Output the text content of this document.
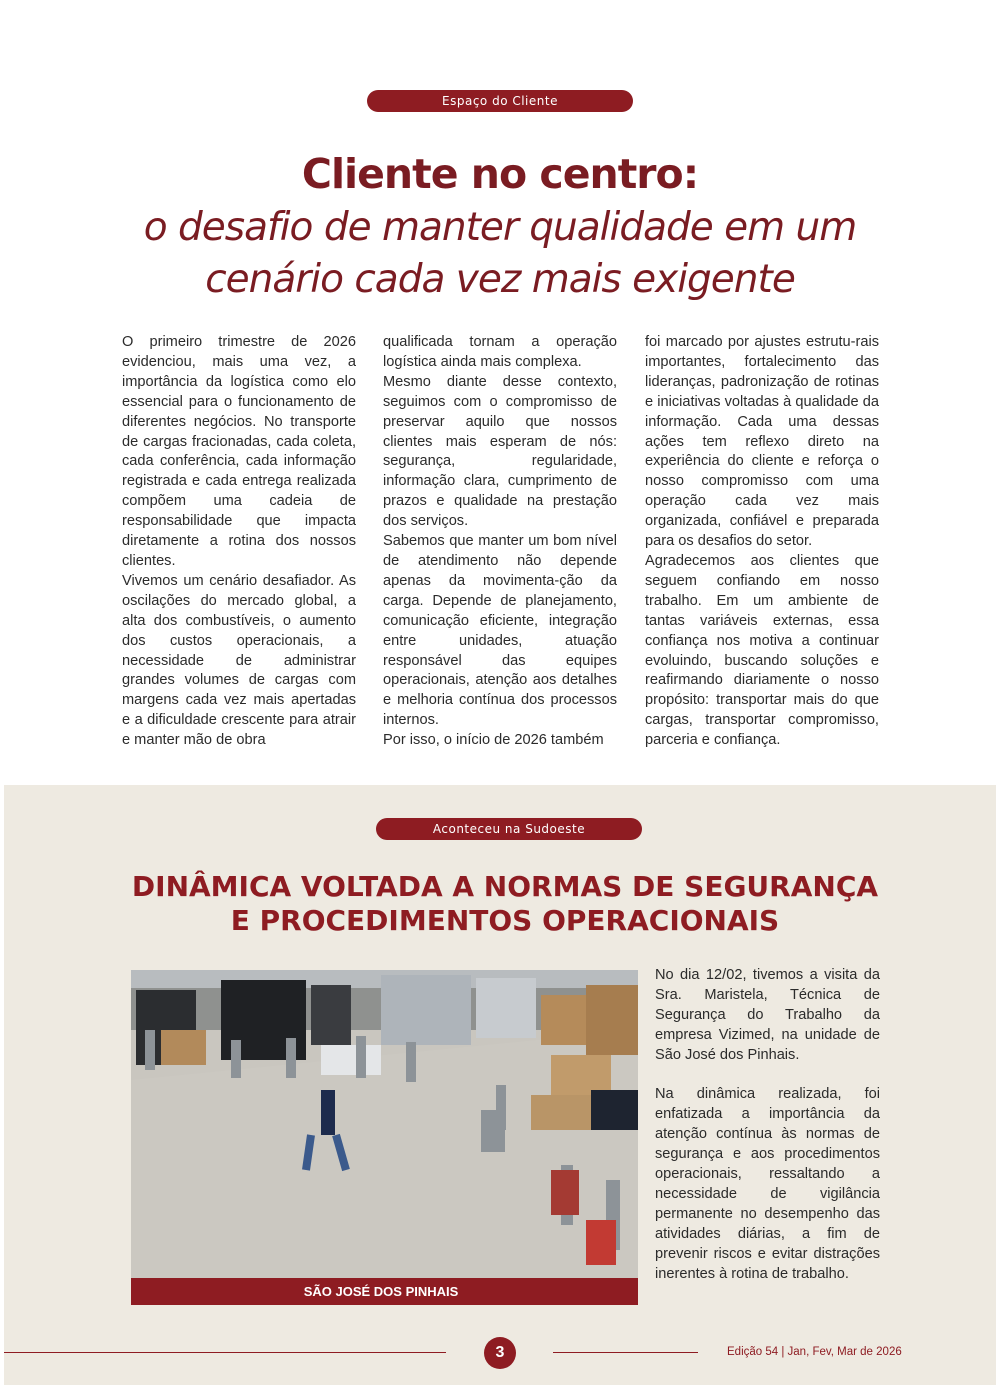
Espaço do Cliente
Cliente no centro:
o desafio de manter qualidade em um
cenário cada vez mais exigente

O primeiro trimestre de 2026 evidenciou, mais uma vez, a importância da logística como elo essencial para o funcionamento de diferentes negócios. No transporte de cargas fracionadas, cada coleta, cada conferência, cada informação registrada e cada entrega realizada compõem uma cadeia de responsabilidade que impacta diretamente a rotina dos nossos clientes.

Vivemos um cenário desafiador. As oscilações do mercado global, a alta dos combustíveis, o aumento dos custos operacionais, a necessidade de administrar grandes volumes de cargas com margens cada vez mais apertadas e a dificuldade crescente para atrair e manter mão de obra

qualificada tornam a operação logística ainda mais complexa.

Mesmo diante desse contexto, seguimos com o compromisso de preservar aquilo que nossos clientes mais esperam de nós: segurança, regularidade, informação clara, cumprimento de prazos e qualidade na prestação dos serviços.

Sabemos que manter um bom nível de atendimento não depende apenas da movimenta-ção da carga. Depende de planejamento, comunicação eficiente, integração entre unidades, atuação responsável das equipes operacionais, atenção aos detalhes e melhoria contínua dos processos internos.

Por isso, o início de 2026 também

foi marcado por ajustes estrutu-rais importantes, fortalecimento das lideranças, padronização de rotinas e iniciativas voltadas à qualidade da informação. Cada uma dessas ações tem reflexo direto na experiência do cliente e reforça o nosso compromisso com uma operação cada vez mais organizada, confiável e preparada para os desafios do setor.

Agradecemos aos clientes que seguem confiando em nosso trabalho. Em um ambiente de tantas variáveis externas, essa confiança nos motiva a continuar evoluindo, buscando soluções e reafirmando diariamente o nosso propósito: transportar mais do que cargas, transportar compromisso, parceria e confiança.

Aconteceu na Sudoeste
DINÂMICA VOLTADA A NORMAS DE SEGURANÇA
E PROCEDIMENTOS OPERACIONAIS
SÃO JOSÉ DOS PINHAIS

No dia 12/02, tivemos a visita da Sra. Maristela, Técnica de Segurança do Trabalho da empresa Vizimed, na unidade de São José dos Pinhais.

Na dinâmica realizada, foi enfatizada a importância da atenção contínua às normas de segurança e aos procedimentos operacionais, ressaltando a necessidade de vigilância permanente no desempenho das atividades diárias, a fim de prevenir riscos e evitar distrações inerentes à rotina de trabalho.

3	Edição 54 | Jan, Fev, Mar de 2026
